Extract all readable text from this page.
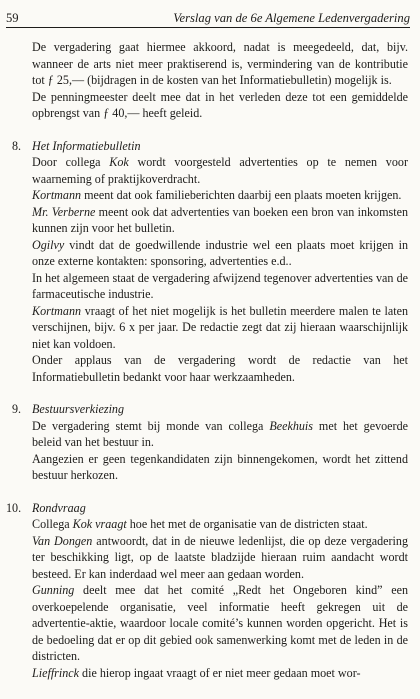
59	Verslag van de 6e Algemene Ledenvergadering

De vergadering gaat hiermee akkoord, nadat is meegedeeld, dat, bijv. wanneer de arts niet meer praktiserend is, vermindering van de kontributie tot ƒ 25,— (bijdragen in de kosten van het Informatiebulletin) mogelijk is.

De penningmeester deelt mee dat in het verleden deze tot een gemiddelde opbrengst van ƒ 40,— heeft geleid.

8. Het Informatiebulletin

Door collega Kok wordt voorgesteld advertenties op te nemen voor waarneming of praktijkoverdracht.

Kortmann meent dat ook familieberichten daarbij een plaats moeten krijgen.

Mr. Verberne meent ook dat advertenties van boeken een bron van inkomsten kunnen zijn voor het bulletin.

Ogilvy vindt dat de goedwillende industrie wel een plaats moet krijgen in onze externe kontakten: sponsoring, advertenties e.d..

In het algemeen staat de vergadering afwijzend tegenover advertenties van de farmaceutische industrie.

Kortmann vraagt of het niet mogelijk is het bulletin meerdere malen te laten verschijnen, bijv. 6 x per jaar. De redactie zegt dat zij hieraan waarschijnlijk niet kan voldoen.

Onder applaus van de vergadering wordt de redactie van het Informatiebulletin bedankt voor haar werkzaamheden.

9. Bestuursverkiezing

De vergadering stemt bij monde van collega Beekhuis met het gevoerde beleid van het bestuur in.

Aangezien er geen tegenkandidaten zijn binnengekomen, wordt het zittend bestuur herkozen.

10. Rondvraag

Collega Kok vraagt hoe het met de organisatie van de districten staat.

Van Dongen antwoordt, dat in de nieuwe ledenlijst, die op deze vergadering ter beschikking ligt, op de laatste bladzijde hieraan ruim aandacht wordt besteed. Er kan inderdaad wel meer aan gedaan worden.

Gunning deelt mee dat het comité „Redt het Ongeboren kind” een overkoepelende organisatie, veel informatie heeft gekregen uit de advertentie-aktie, waardoor locale comité’s kunnen worden opgericht. Het is de bedoeling dat er op dit gebied ook samenwerking komt met de leden in de districten.

Lieffrinck die hierop ingaat vraagt of er niet meer gedaan moet wor-
